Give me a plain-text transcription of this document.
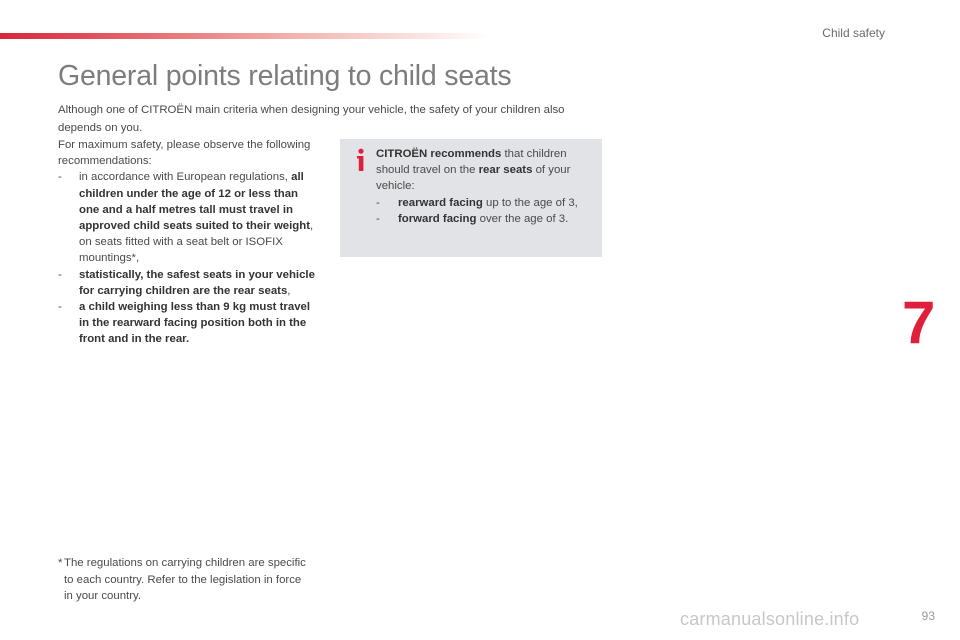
Child safety
General points relating to child seats

Although one of CITROËN main criteria when designing your vehicle, the safety of your children also depends on you.

For maximum safety, please observe the following recommendations:

- in accordance with European regulations, all children under the age of 12 or less than one and a half metres tall must travel in approved child seats suited to their weight, on seats fitted with a seat belt or ISOFIX mountings*,
- statistically, the safest seats in your vehicle for carrying children are the rear seats,
- a child weighing less than 9 kg must travel in the rearward facing position both in the front and in the rear.

CITROËN recommends that children should travel on the rear seats of your vehicle:

- rearward facing up to the age of 3,
- forward facing over the age of 3.
7
* The regulations on carrying children are specific to each country. Refer to the legislation in force in your country.
carmanualsonline.info	93
